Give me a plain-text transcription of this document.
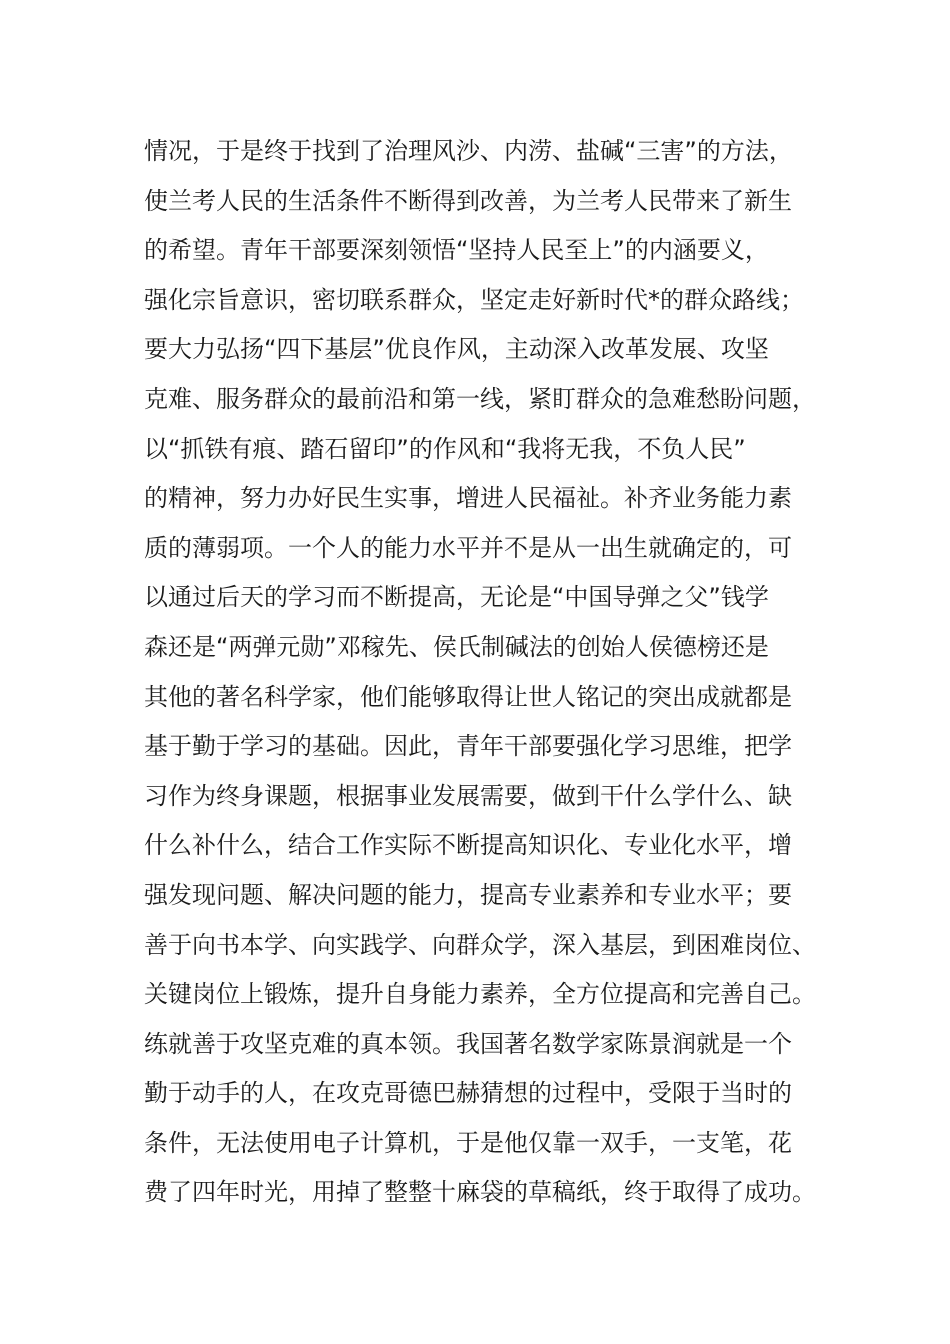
情况，于是终于找到了治理风沙、内涝、盐碱“三害”的方法，
使兰考人民的生活条件不断得到改善，为兰考人民带来了新生
的希望。青年干部要深刻领悟“坚持人民至上”的内涵要义，
强化宗旨意识，密切联系群众，坚定走好新时代*的群众路线；
要大力弘扬“四下基层”优良作风，主动深入改革发展、攻坚
克难、服务群众的最前沿和第一线，紧盯群众的急难愁盼问题，
以“抓铁有痕、踏石留印”的作风和“我将无我，不负人民”
的精神，努力办好民生实事，增进人民福祉。补齐业务能力素
质的薄弱项。一个人的能力水平并不是从一出生就确定的，可
以通过后天的学习而不断提高，无论是“中国导弹之父”钱学
森还是“两弹元勋”邓稼先、侯氏制碱法的创始人侯德榜还是
其他的著名科学家，他们能够取得让世人铭记的突出成就都是
基于勤于学习的基础。因此，青年干部要强化学习思维，把学
习作为终身课题，根据事业发展需要，做到干什么学什么、缺
什么补什么，结合工作实际不断提高知识化、专业化水平，增
强发现问题、解决问题的能力，提高专业素养和专业水平；要
善于向书本学、向实践学、向群众学，深入基层，到困难岗位、
关键岗位上锻炼，提升自身能力素养，全方位提高和完善自己。
练就善于攻坚克难的真本领。我国著名数学家陈景润就是一个
勤于动手的人，在攻克哥德巴赫猜想的过程中，受限于当时的
条件，无法使用电子计算机，于是他仅靠一双手，一支笔，花
费了四年时光，用掉了整整十麻袋的草稿纸，终于取得了成功。
